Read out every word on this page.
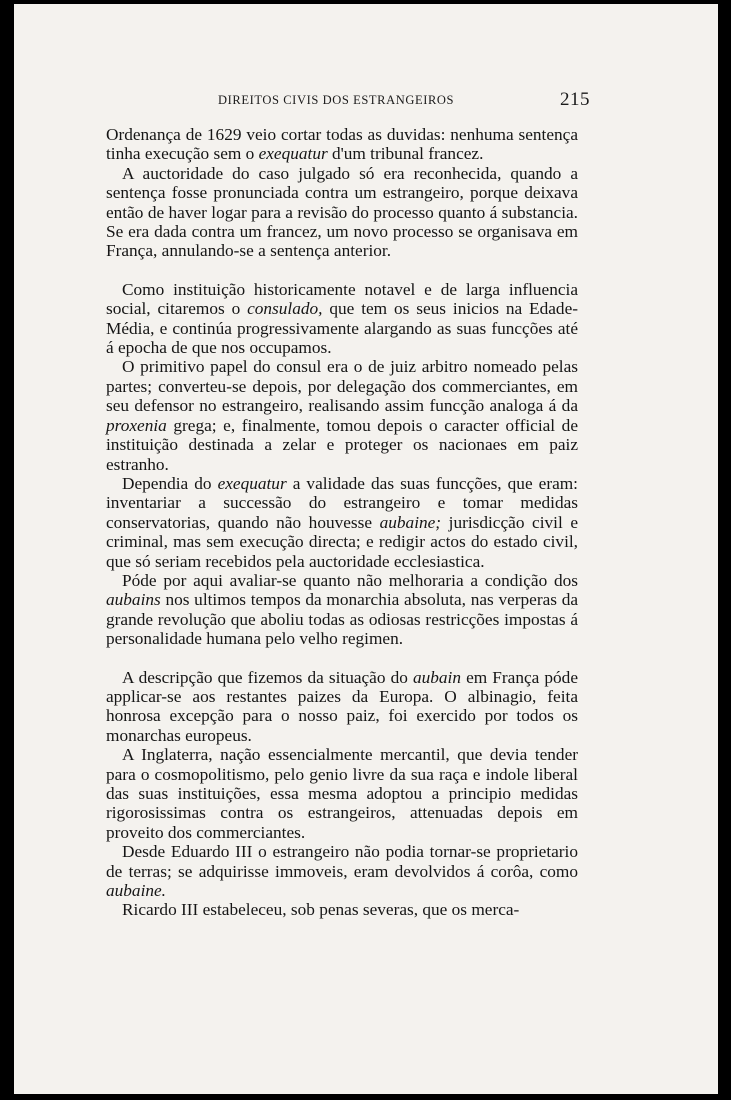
DIREITOS CIVIS DOS ESTRANGEIROS	215

Ordenança de 1629 veio cortar todas as duvidas: nenhuma sentença tinha execução sem o exequatur d'um tribunal francez.

A auctoridade do caso julgado só era reconhecida, quando a sentença fosse pronunciada contra um estrangeiro, porque deixava então de haver logar para a revisão do processo quanto á substancia. Se era dada contra um francez, um novo processo se organisava em França, annulando-se a sentença anterior.

Como instituição historicamente notavel e de larga influencia social, citaremos o consulado, que tem os seus inicios na Edade-Média, e continúa progressivamente alargando as suas funcções até á epocha de que nos occupamos.

O primitivo papel do consul era o de juiz arbitro nomeado pelas partes; converteu-se depois, por delegação dos commerciantes, em seu defensor no estrangeiro, realisando assim funcção analoga á da proxenia grega; e, finalmente, tomou depois o caracter official de instituição destinada a zelar e proteger os nacionaes em paiz estranho.

Dependia do exequatur a validade das suas funcções, que eram: inventariar a successão do estrangeiro e tomar medidas conservatorias, quando não houvesse aubaine; jurisdicção civil e criminal, mas sem execução directa; e redigir actos do estado civil, que só seriam recebidos pela auctoridade ecclesiastica.

Póde por aqui avaliar-se quanto não melhoraria a condição dos aubains nos ultimos tempos da monarchia absoluta, nas verperas da grande revolução que aboliu todas as odiosas restricções impostas á personalidade humana pelo velho regimen.

A descripção que fizemos da situação do aubain em França póde applicar-se aos restantes paizes da Europa. O albinagio, feita honrosa excepção para o nosso paiz, foi exercido por todos os monarchas europeus.

A Inglaterra, nação essencialmente mercantil, que devia tender para o cosmopolitismo, pelo genio livre da sua raça e indole liberal das suas instituições, essa mesma adoptou a principio medidas rigorosissimas contra os estrangeiros, attenuadas depois em proveito dos commerciantes.

Desde Eduardo III o estrangeiro não podia tornar-se proprietario de terras; se adquirisse immoveis, eram devolvidos á corôa, como aubaine.

Ricardo III estabeleceu, sob penas severas, que os merca-
